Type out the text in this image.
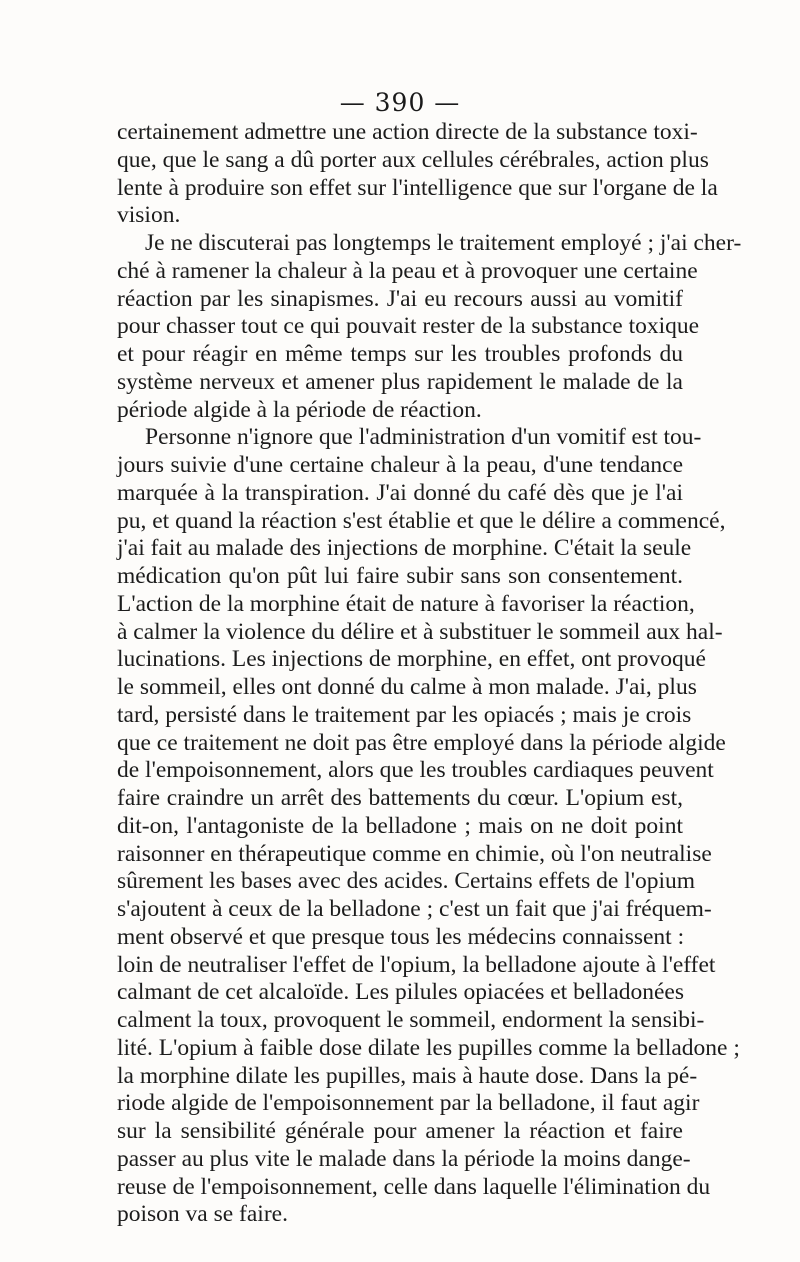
— 390 —

certainement admettre une action directe de la substance toxi-
que, que le sang a dû porter aux cellules cérébrales, action plus
lente à produire son effet sur l'intelligence que sur l'organe de la
vision.

Je ne discuterai pas longtemps le traitement employé ; j'ai cher-
ché à ramener la chaleur à la peau et à provoquer une certaine
réaction par les sinapismes. J'ai eu recours aussi au vomitif
pour chasser tout ce qui pouvait rester de la substance toxique
et pour réagir en même temps sur les troubles profonds du
système nerveux et amener plus rapidement le malade de la
période algide à la période de réaction.

Personne n'ignore que l'administration d'un vomitif est tou-
jours suivie d'une certaine chaleur à la peau, d'une tendance
marquée à la transpiration. J'ai donné du café dès que je l'ai
pu, et quand la réaction s'est établie et que le délire a commencé,
j'ai fait au malade des injections de morphine. C'était la seule
médication qu'on pût lui faire subir sans son consentement.
L'action de la morphine était de nature à favoriser la réaction,
à calmer la violence du délire et à substituer le sommeil aux hal-
lucinations. Les injections de morphine, en effet, ont provoqué
le sommeil, elles ont donné du calme à mon malade. J'ai, plus
tard, persisté dans le traitement par les opiacés ; mais je crois
que ce traitement ne doit pas être employé dans la période algide
de l'empoisonnement, alors que les troubles cardiaques peuvent
faire craindre un arrêt des battements du cœur. L'opium est,
dit-on, l'antagoniste de la belladone ; mais on ne doit point
raisonner en thérapeutique comme en chimie, où l'on neutralise
sûrement les bases avec des acides. Certains effets de l'opium
s'ajoutent à ceux de la belladone ; c'est un fait que j'ai fréquem-
ment observé et que presque tous les médecins connaissent :
loin de neutraliser l'effet de l'opium, la belladone ajoute à l'effet
calmant de cet alcaloïde. Les pilules opiacées et belladonées
calment la toux, provoquent le sommeil, endorment la sensibi-
lité. L'opium à faible dose dilate les pupilles comme la belladone ;
la morphine dilate les pupilles, mais à haute dose. Dans la pé-
riode algide de l'empoisonnement par la belladone, il faut agir
sur la sensibilité générale pour amener la réaction et faire
passer au plus vite le malade dans la période la moins dange-
reuse de l'empoisonnement, celle dans laquelle l'élimination du
poison va se faire.
